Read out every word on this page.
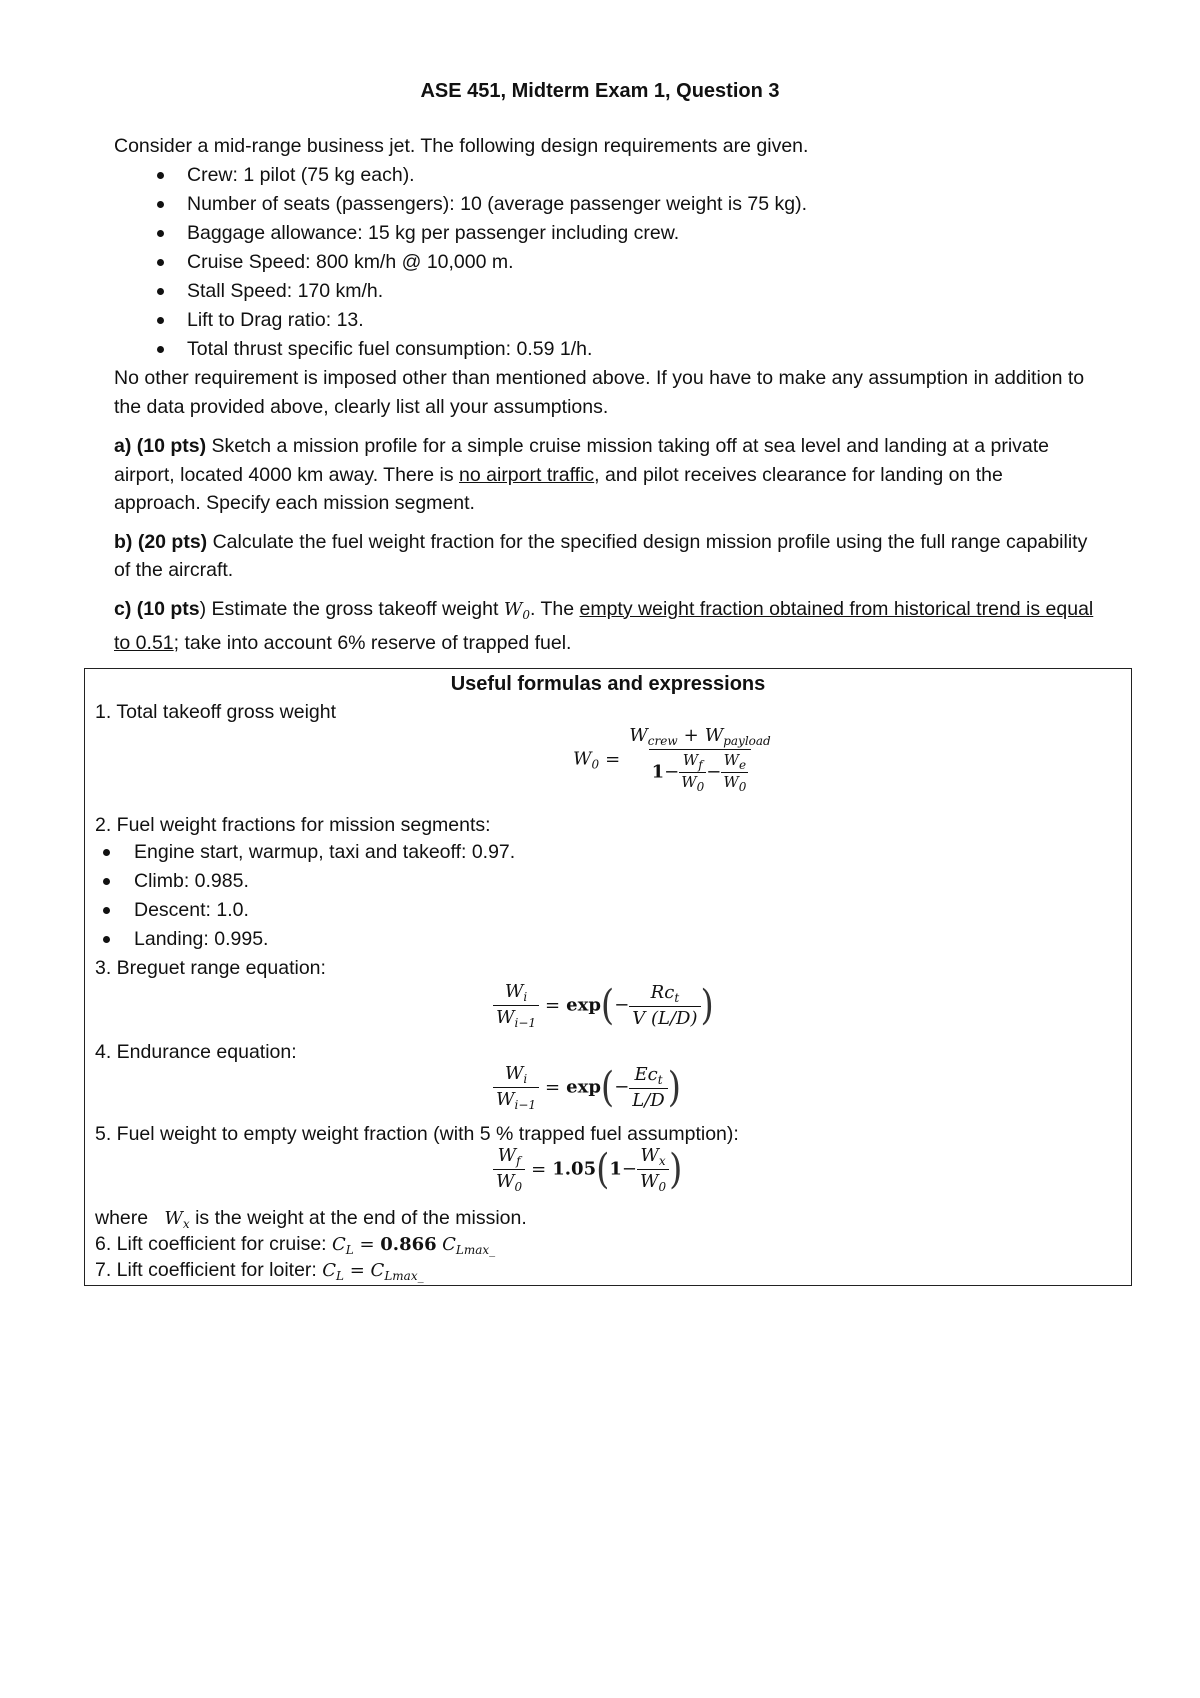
ASE 451, Midterm Exam 1, Question 3

Consider a mid-range business jet. The following design requirements are given.

Crew: 1 pilot (75 kg each).
Number of seats (passengers): 10 (average passenger weight is 75 kg).
Baggage allowance: 15 kg per passenger including crew.
Cruise Speed: 800 km/h @ 10,000 m.
Stall Speed: 170 km/h.
Lift to Drag ratio: 13.
Total thrust specific fuel consumption: 0.59 1/h.

No other requirement is imposed other than mentioned above. If you have to make any assumption in addition to the data provided above, clearly list all your assumptions.

a) (10 pts) Sketch a mission profile for a simple cruise mission taking off at sea level and landing at a private airport, located 4000 km away. There is no airport traffic, and pilot receives clearance for landing on the approach. Specify each mission segment.

b) (20 pts) Calculate the fuel weight fraction for the specified design mission profile using the full range capability of the aircraft.

c) (10 pts) Estimate the gross takeoff weight $W_0$. The empty weight fraction obtained from historical trend is equal to 0.51; take into account 6% reserve of trapped fuel.

Useful formulas and expressions
1. Total takeoff gross weight
$W_0 = \frac{W_{crew} + W_{payload}}{1- \frac{W_f}{W_0} - \frac{W_e}{W_0}}$
2. Fuel weight fractions for mission segments:
Engine start, warmup, taxi and takeoff: 0.97.
Climb: 0.985.
Descent: 1.0.
Landing: 0.995.
3. Breguet range equation:
$\frac{W_i}{W_{i-1}} = \exp(- \frac{Rc_t}{V (L/D)}$ )
4. Endurance equation:
$\frac{W_i}{W_{i-1}} = \exp(- \frac{Ec_t}{L/D}$ )
5. Fuel weight to empty weight fraction (with 5 % trapped fuel assumption):
$\frac{W_f}{W_0} = 1.05(1- \frac{W_x}{W_0}$ )
where   $W_x$ is the weight at the end of the mission.
6. Lift coefficient for cruise: $C_L = 0.866$ $C_{Lmax\_}$
7. Lift coefficient for loiter: $C_L = C_{Lmax\_}$
